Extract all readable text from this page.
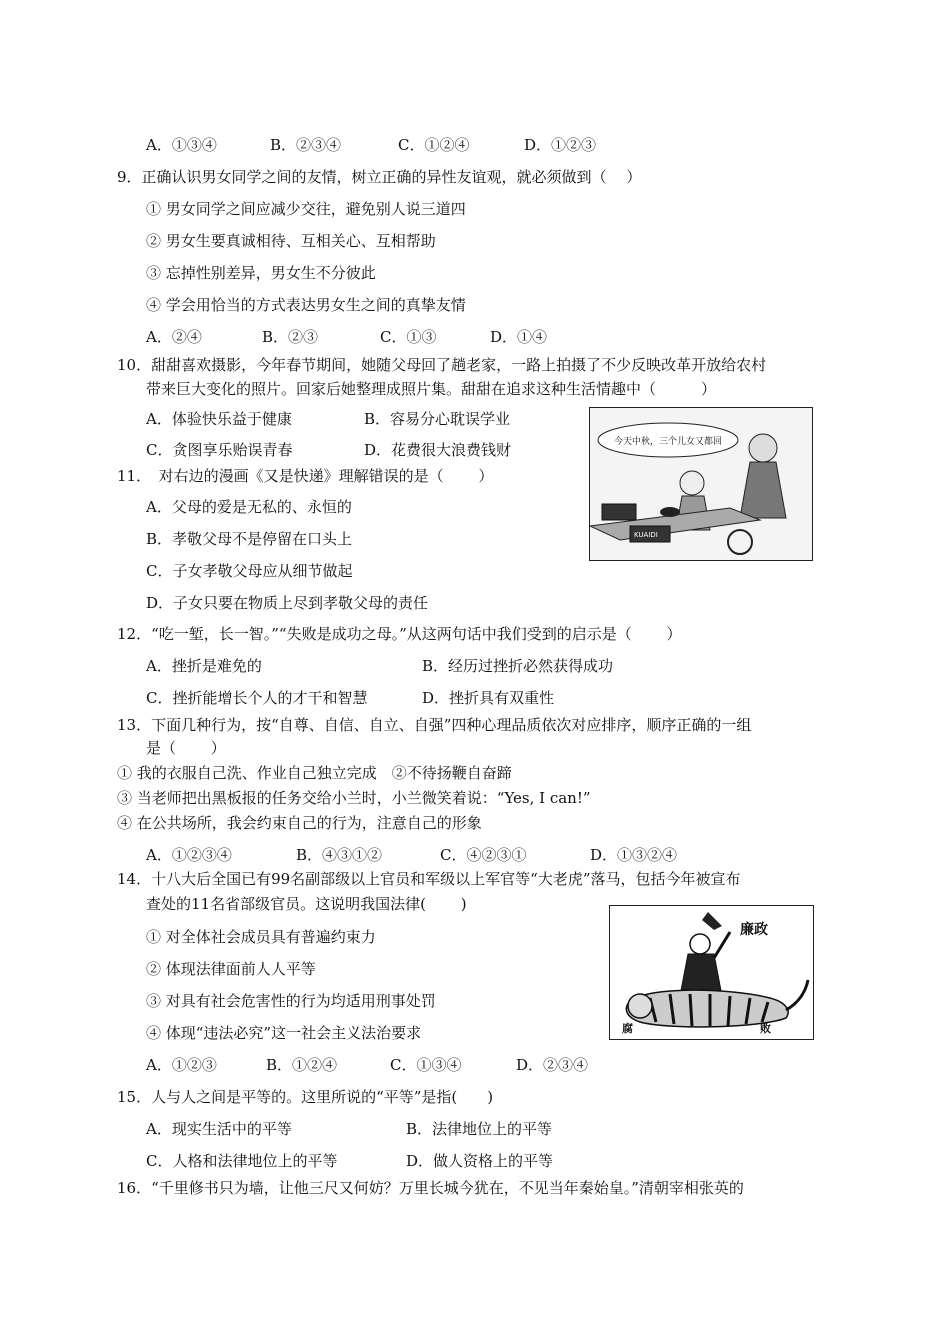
A．①③④	B．②③④	C．①②④	D．①②③
9．正确认识男女同学之间的友情，树立正确的异性友谊观，就必须做到（　 ）
① 男女同学之间应减少交往，避免别人说三道四
② 男女生要真诚相待、互相关心、互相帮助
③ 忘掉性别差异，男女生不分彼此
④ 学会用恰当的方式表达男女生之间的真挚友情
A．②④	B．②③	C．①③	D．①④
10．甜甜喜欢摄影，今年春节期间，她随父母回了趟老家，一路上拍摄了不少反映改革开放给农村
带来巨大变化的照片。回家后她整理成照片集。甜甜在追求这种生活情趣中（　　　）
A．体验快乐益于健康	B．容易分心耽误学业
C．贪图享乐贻误青春	D．花费很大浪费钱财	今天中秋，三个儿女又都回
KUAIDI
11．　对右边的漫画《又是快递》理解错误的是（　　 ）
A．父母的爱是无私的、永恒的
B．孝敬父母不是停留在口头上
C．子女孝敬父母应从细节做起
D．子女只要在物质上尽到孝敬父母的责任
12．“吃一堑，长一智。”“失败是成功之母。”从这两句话中我们受到的启示是（　　 ）
A．挫折是难免的	B．经历过挫折必然获得成功
C．挫折能增长个人的才干和智慧	D．挫折具有双重性
13．下面几种行为，按“自尊、自信、自立、自强”四种心理品质依次对应排序，顺序正确的一组
是（　　 ）
① 我的衣服自己洗、作业自己独立完成　②不待扬鞭自奋蹄
③ 当老师把出黑板报的任务交给小兰时，小兰微笑着说：“Yes, I can!”
④ 在公共场所，我会约束自己的行为，注意自己的形象
A．①②③④	B．④③①②	C．④②③①	D．①③②④
14．十八大后全国已有99名副部级以上官员和军级以上军官等“大老虎”落马，包括今年被宣布
查处的11名省部级官员。这说明我国法律(　　 )
① 对全体社会成员具有普遍约束力
② 体现法律面前人人平等
③ 对具有社会危害性的行为均适用刑事处罚
④ 体现“违法必究”这一社会主义法治要求
A．①②③	B．①②④	C．①③④	D．②③④
廉政
腐	败
15．人与人之间是平等的。这里所说的“平等”是指(　　)
A．现实生活中的平等	B．法律地位上的平等
C．人格和法律地位上的平等	D．做人资格上的平等
16．“千里修书只为墙，让他三尺又何妨？万里长城今犹在，不见当年秦始皇。”清朝宰相张英的
